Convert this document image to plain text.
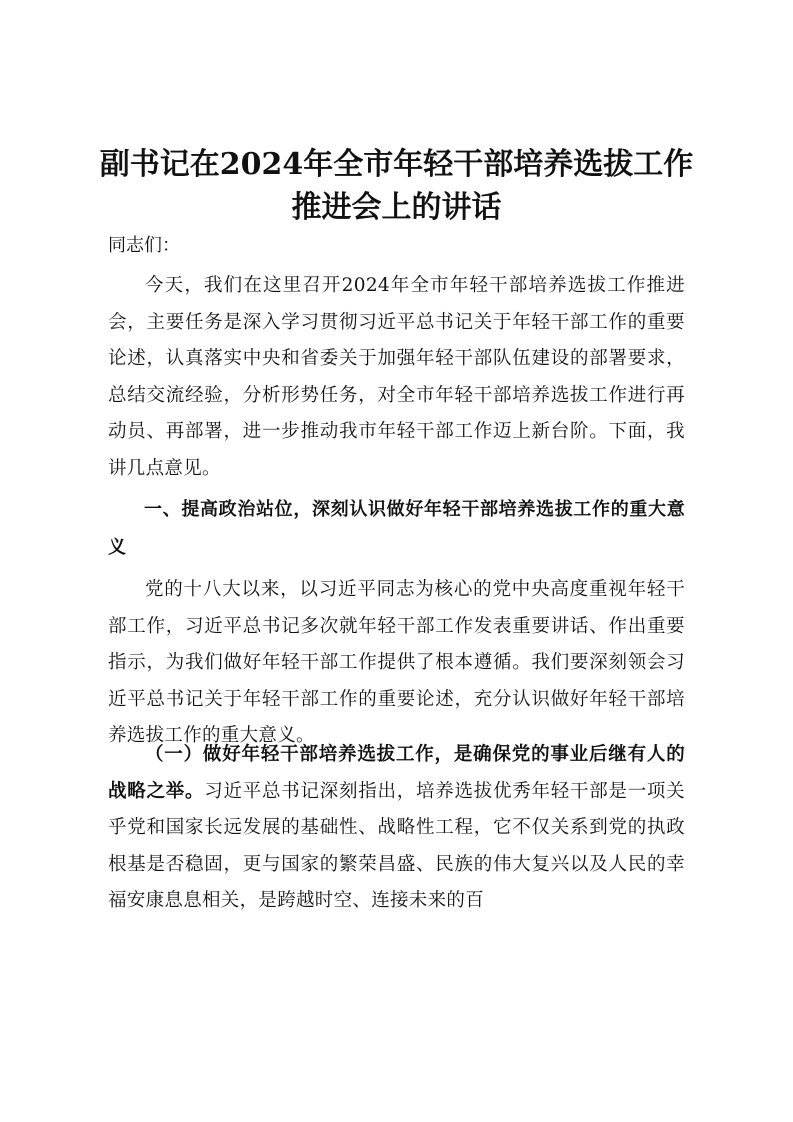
副书记在2024年全市年轻干部培养选拔工作
推进会上的讲话
同志们：

今天，我们在这里召开2024年全市年轻干部培养选拔工作推进会，主要任务是深入学习贯彻习近平总书记关于年轻干部工作的重要论述，认真落实中央和省委关于加强年轻干部队伍建设的部署要求，总结交流经验，分析形势任务，对全市年轻干部培养选拔工作进行再动员、再部署，进一步推动我市年轻干部工作迈上新台阶。下面，我讲几点意见。

一、提高政治站位，深刻认识做好年轻干部培养选拔工作的重大意义

党的十八大以来，以习近平同志为核心的党中央高度重视年轻干部工作，习近平总书记多次就年轻干部工作发表重要讲话、作出重要指示，为我们做好年轻干部工作提供了根本遵循。我们要深刻领会习近平总书记关于年轻干部工作的重要论述，充分认识做好年轻干部培养选拔工作的重大意义。

（一）做好年轻干部培养选拔工作，是确保党的事业后继有人的战略之举。习近平总书记深刻指出，培养选拔优秀年轻干部是一项关乎党和国家长远发展的基础性、战略性工程，它不仅关系到党的执政根基是否稳固，更与国家的繁荣昌盛、民族的伟大复兴以及人民的幸福安康息息相关，是跨越时空、连接未来的百
